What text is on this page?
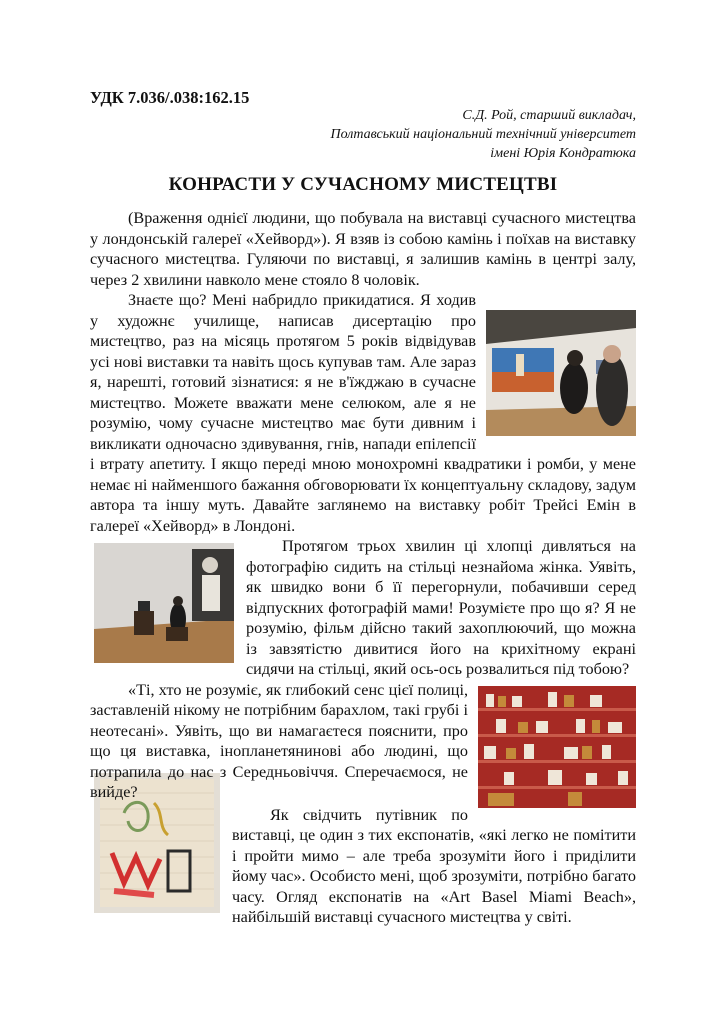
УДК 7.036/.038:162.15
С.Д. Рой, старший викладач,
Полтавський національний технічний університет
імені Юрія Кондратюка
КОНРАСТИ У СУЧАСНОМУ МИСТЕЦТВІ

(Враження однієї людини, що побувала на виставці сучасного мистецтва у лондонській галереї «Хейворд»). Я взяв із собою камінь і поїхав на виставку сучасного мистецтва. Гуляючи по виставці, я залишив камінь в центрі залу, через 2 хвилини навколо мене стояло 8 чоловік.

Знаєте що? Мені набридло прикидатися. Я ходив у художнє училище, написав дисертацію про мистецтво, раз на місяць протягом 5 років відвідував усі нові виставки та навіть щось купував там. Але зараз я, нарешті, готовий зізнатися: я не в'їжджаю в сучасне мистецтво. Можете вважати мене селюком, але я не розумію, чому сучасне мистецтво має бути дивним і викликати одночасно здивування, гнів, напади епілепсії і втрату апетиту. І якщо переді мною монохромні квадратики і ромби, у мене немає ні найменшого бажання обговорювати їх концептуальну складову, задум автора та іншу муть. Давайте заглянемо на виставку робіт Трейсі Емін в галереї «Хейворд» в Лондоні.

Протягом трьох хвилин ці хлопці дивляться на фотографію сидить на стільці незнайома жінка. Уявіть, як швидко вони б її перегорнули, побачивши серед відпускних фотографій мами! Розумієте про що я? Я не розумію, фільм дійсно такий захоплюючий, що можна із завзятістю дивитися його на крихітному екрані сидячи на стільці, який ось-ось розвалиться під тобою?

«Ті, хто не розуміє, як глибокий сенс цієї полиці, заставленій нікому не потрібним барахлом, такі грубі і неотесані». Уявіть, що ви намагаєтеся пояснити, про що ця виставка, інопланетянинові або людині, що потрапила до нас з Середньовіччя. Сперечаємося, не вийде?

Як свідчить путівник по виставці, це один з тих експонатів, «які легко не помітити і пройти мимо – але треба зрозуміти його і приділити йому час». Особисто мені, щоб зрозуміти, потрібно багато часу. Огляд експонатів на «Art Basel Miami Beach», найбільшій виставці сучасного мистецтва у світі.
